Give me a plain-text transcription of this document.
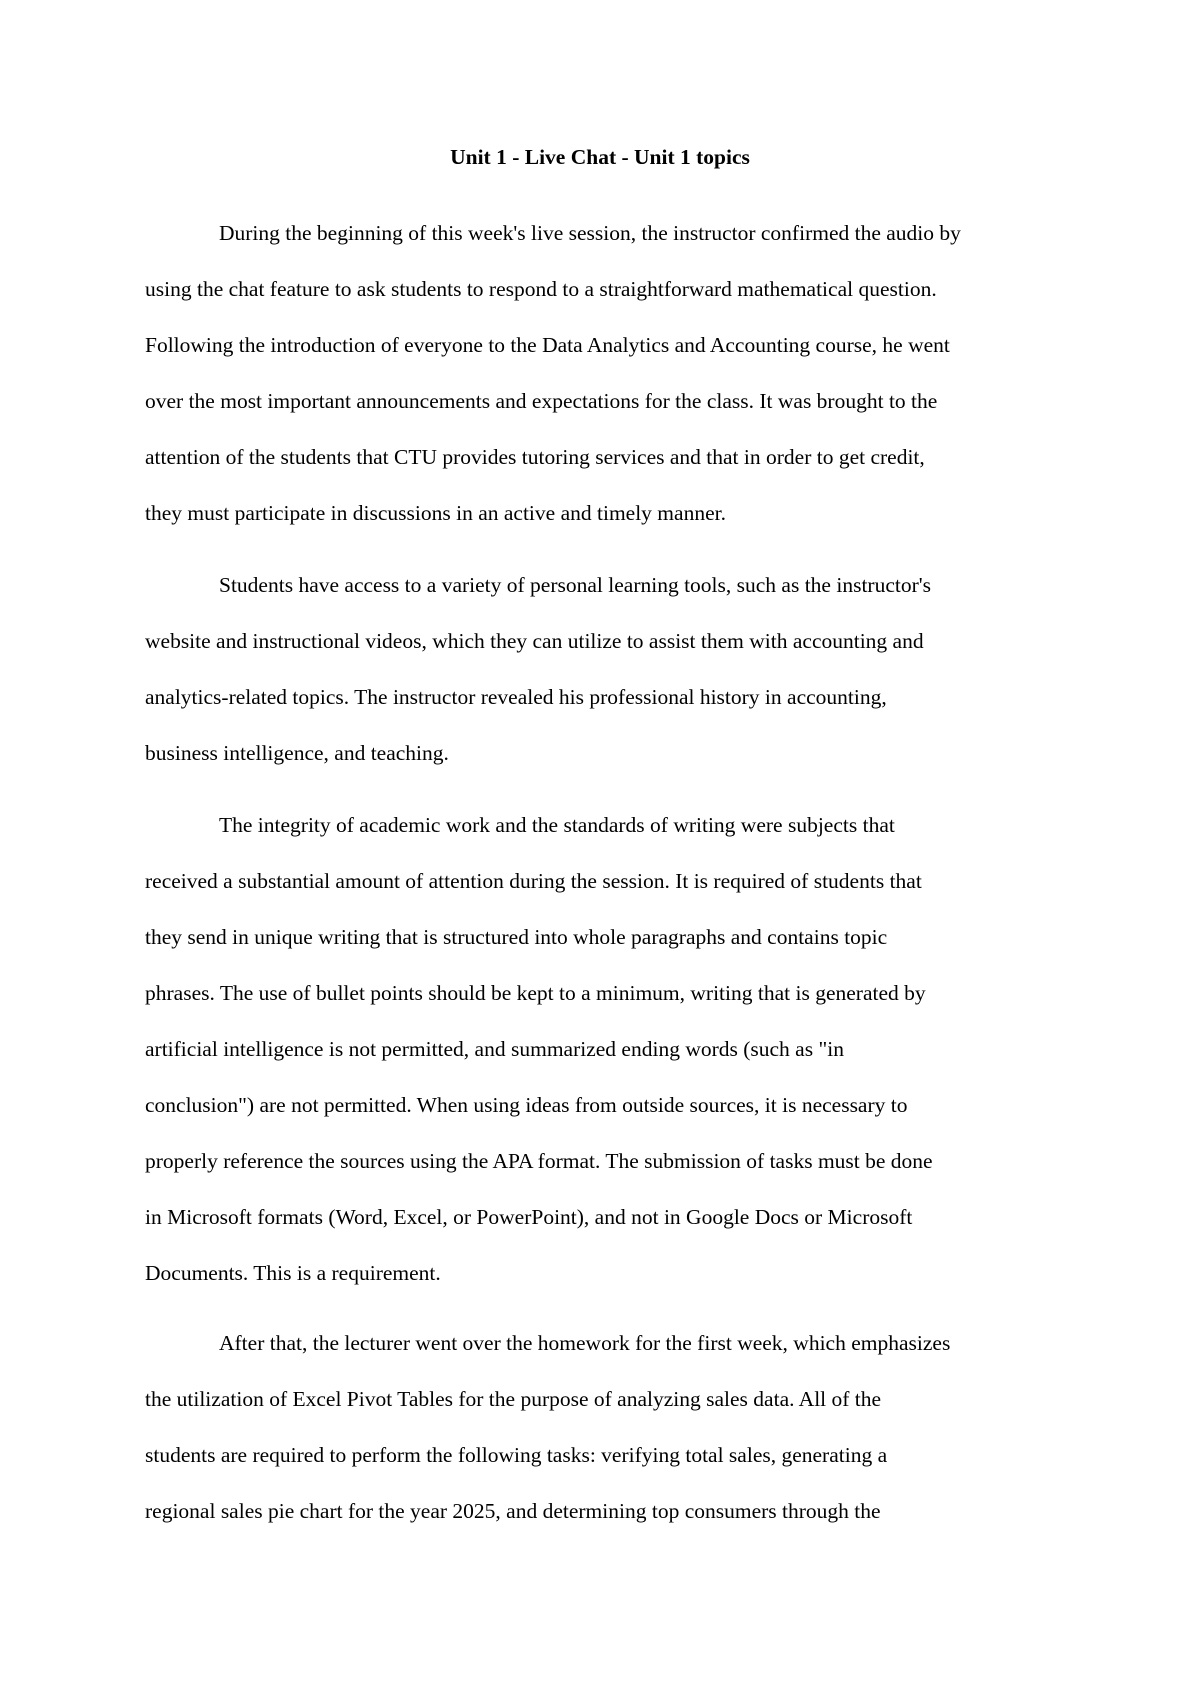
Unit 1 - Live Chat - Unit 1 topics
During the beginning of this week's live session, the instructor confirmed the audio by
using the chat feature to ask students to respond to a straightforward mathematical question.
Following the introduction of everyone to the Data Analytics and Accounting course, he went
over the most important announcements and expectations for the class. It was brought to the
attention of the students that CTU provides tutoring services and that in order to get credit,
they must participate in discussions in an active and timely manner.
Students have access to a variety of personal learning tools, such as the instructor's
website and instructional videos, which they can utilize to assist them with accounting and
analytics-related topics. The instructor revealed his professional history in accounting,
business intelligence, and teaching.
The integrity of academic work and the standards of writing were subjects that
received a substantial amount of attention during the session. It is required of students that
they send in unique writing that is structured into whole paragraphs and contains topic
phrases. The use of bullet points should be kept to a minimum, writing that is generated by
artificial intelligence is not permitted, and summarized ending words (such as "in
conclusion") are not permitted. When using ideas from outside sources, it is necessary to
properly reference the sources using the APA format. The submission of tasks must be done
in Microsoft formats (Word, Excel, or PowerPoint), and not in Google Docs or Microsoft
Documents. This is a requirement.
After that, the lecturer went over the homework for the first week, which emphasizes
the utilization of Excel Pivot Tables for the purpose of analyzing sales data. All of the
students are required to perform the following tasks: verifying total sales, generating a
regional sales pie chart for the year 2025, and determining top consumers through the
